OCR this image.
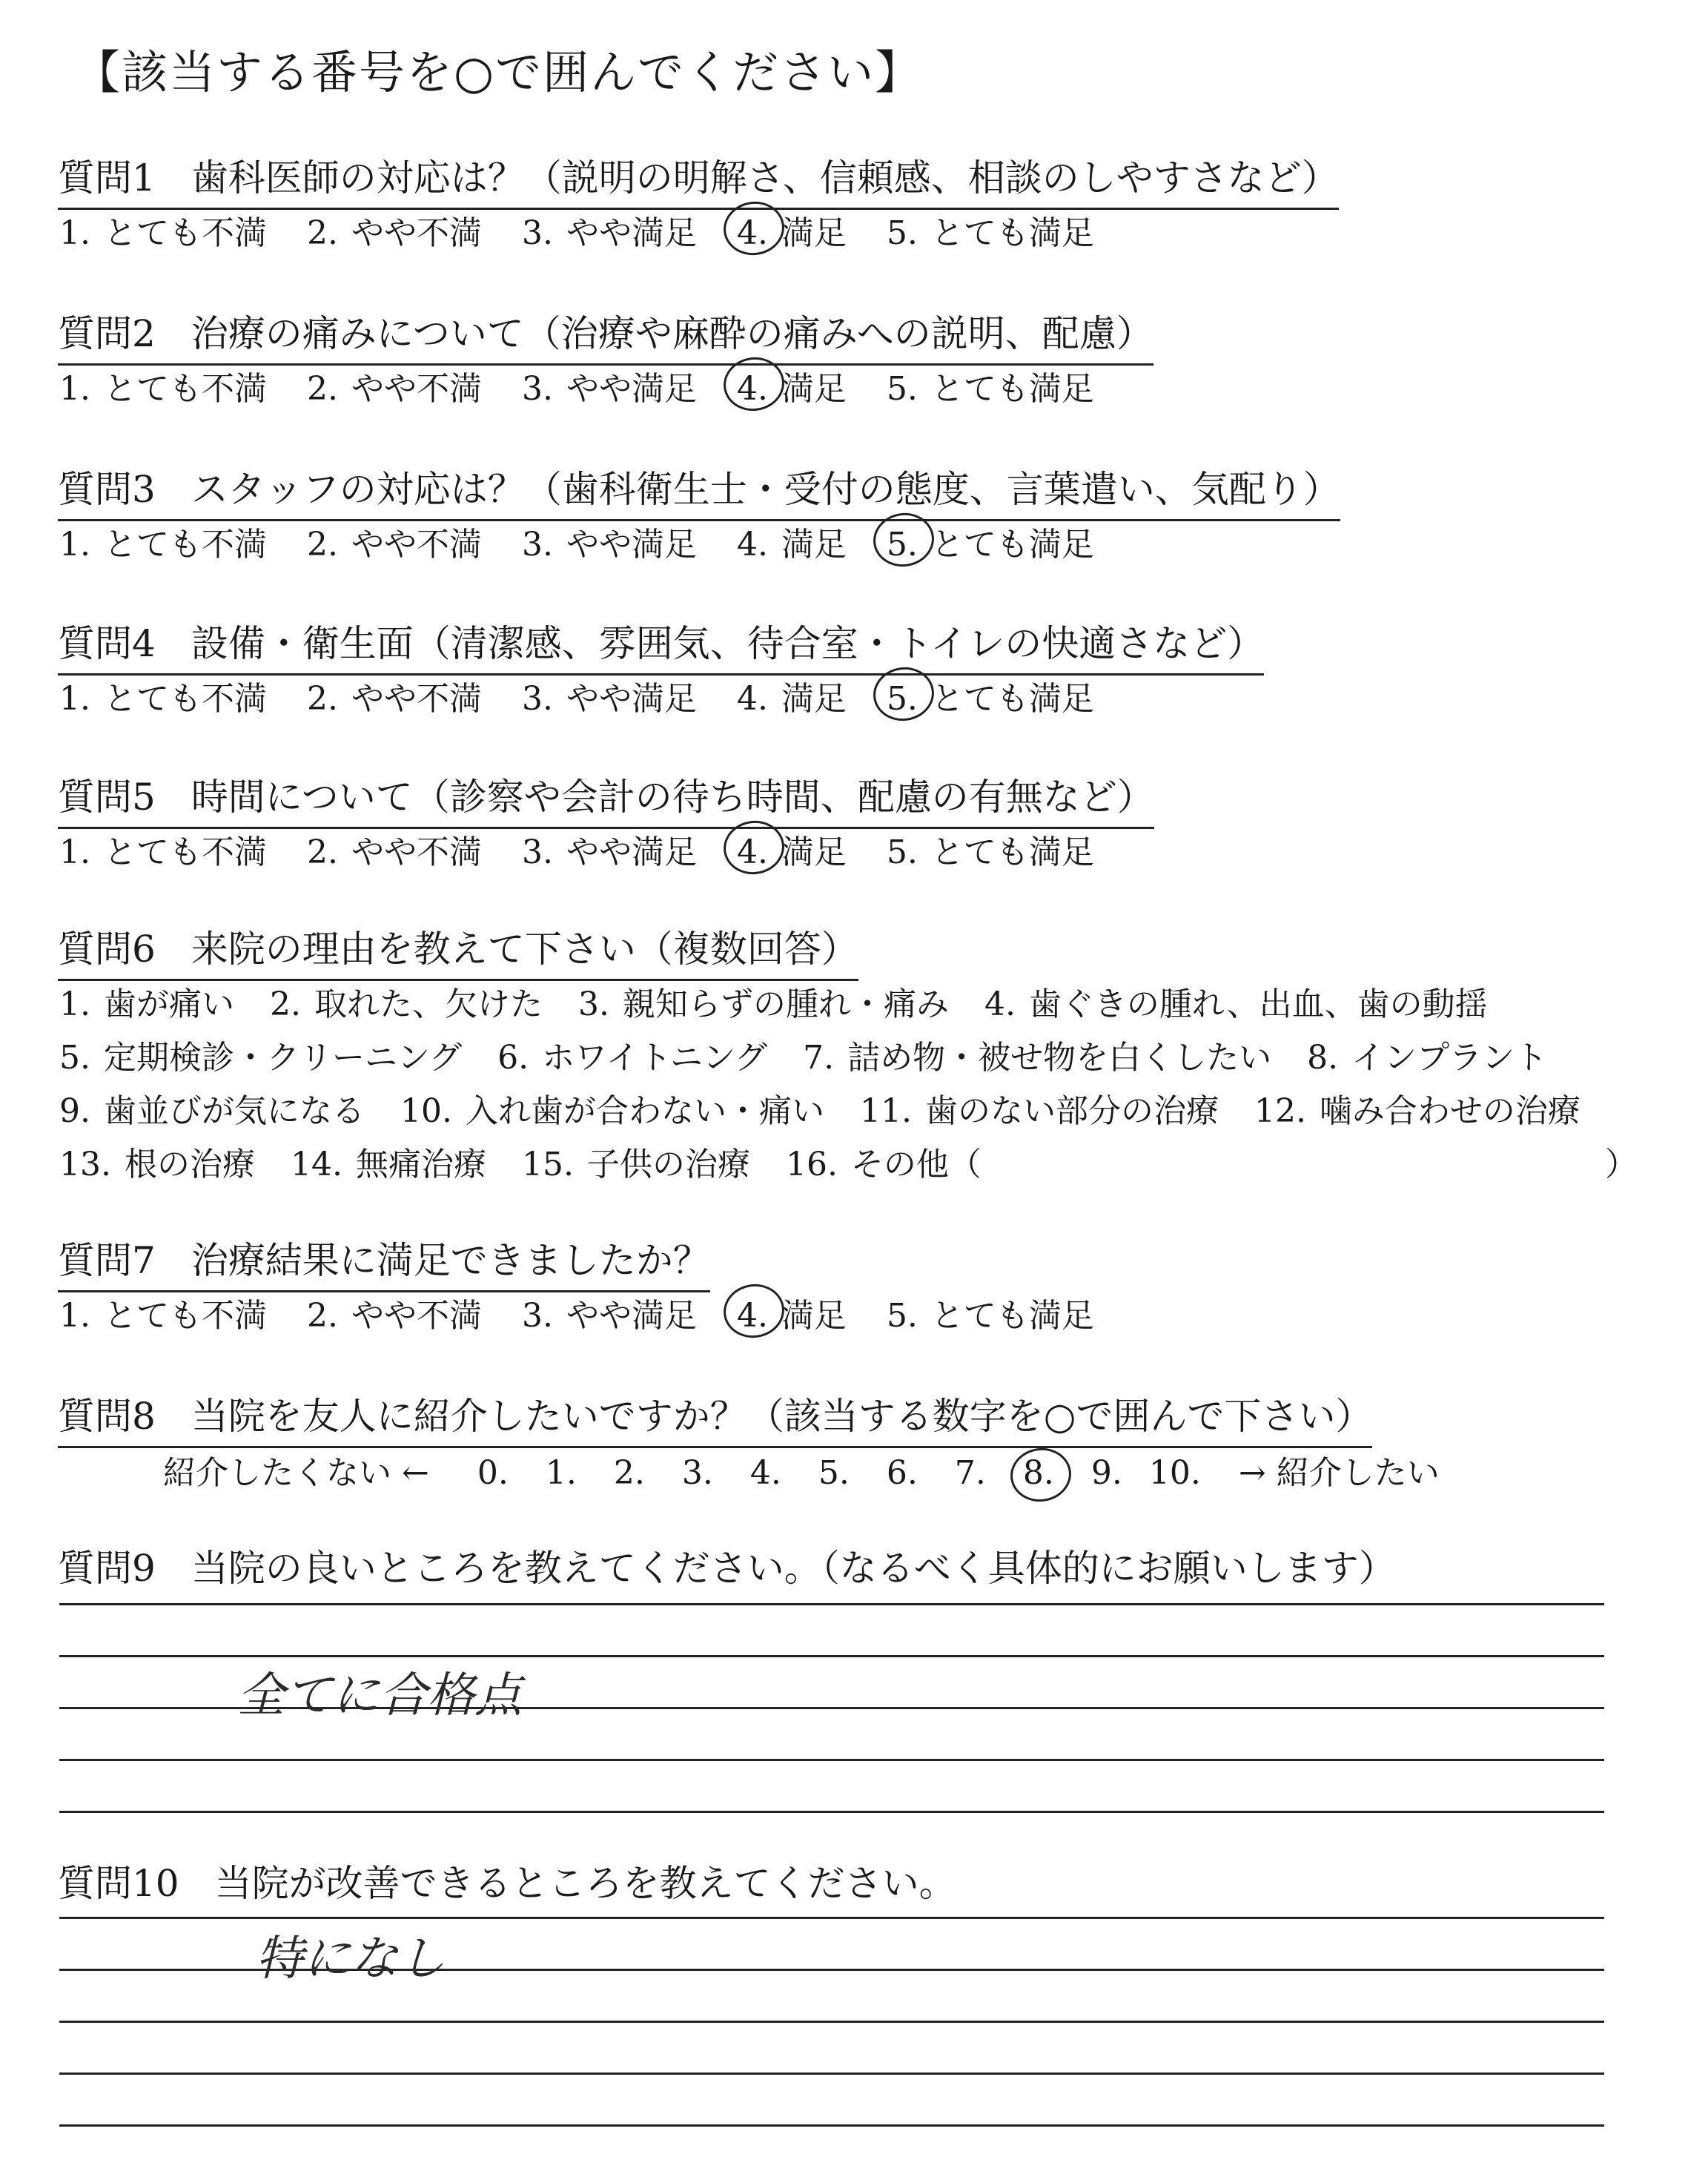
【該当する番号を○で囲んでください】
質問1 歯科医師の対応は？（説明の明解さ、信頼感、相談のしやすさなど）
1. とても不満 2. やや不満 3. やや満足 4. 満足 5. とても満足
質問2 治療の痛みについて（治療や麻酔の痛みへの説明、配慮）
1. とても不満 2. やや不満 3. やや満足 4. 満足 5. とても満足
質問3 スタッフの対応は？（歯科衛生士・受付の態度、言葉遣い、気配り）
1. とても不満 2. やや不満 3. やや満足 4. 満足 5. とても満足
質問4 設備・衛生面（清潔感、雰囲気、待合室・トイレの快適さなど）
1. とても不満 2. やや不満 3. やや満足 4. 満足 5. とても満足
質問5 時間について（診察や会計の待ち時間、配慮の有無など）
1. とても不満 2. やや不満 3. やや満足 4. 満足 5. とても満足
質問6 来院の理由を教えて下さい（複数回答）
1. 歯が痛い 2. 取れた、欠けた 3. 親知らずの腫れ・痛み 4. 歯ぐきの腫れ、出血、歯の動揺
5. 定期検診・クリーニング 6. ホワイトニング 7. 詰め物・被せ物を白くしたい 8. インプラント
9. 歯並びが気になる 10. 入れ歯が合わない・痛い 11. 歯のない部分の治療 12. 噛み合わせの治療
13. 根の治療 14. 無痛治療 15. 子供の治療 16. その他（	）
質問7 治療結果に満足できましたか？
1. とても不満 2. やや不満 3. やや満足 4. 満足 5. とても満足
質問8 当院を友人に紹介したいですか？（該当する数字を○で囲んで下さい）
紹介したくない ← 0. 1. 2. 3. 4. 5. 6. 7. 8. 9. 10. → 紹介したい
質問9 当院の良いところを教えてください。（なるべく具体的にお願いします）
全てに合格点
質問10 当院が改善できるところを教えてください。
特になし
